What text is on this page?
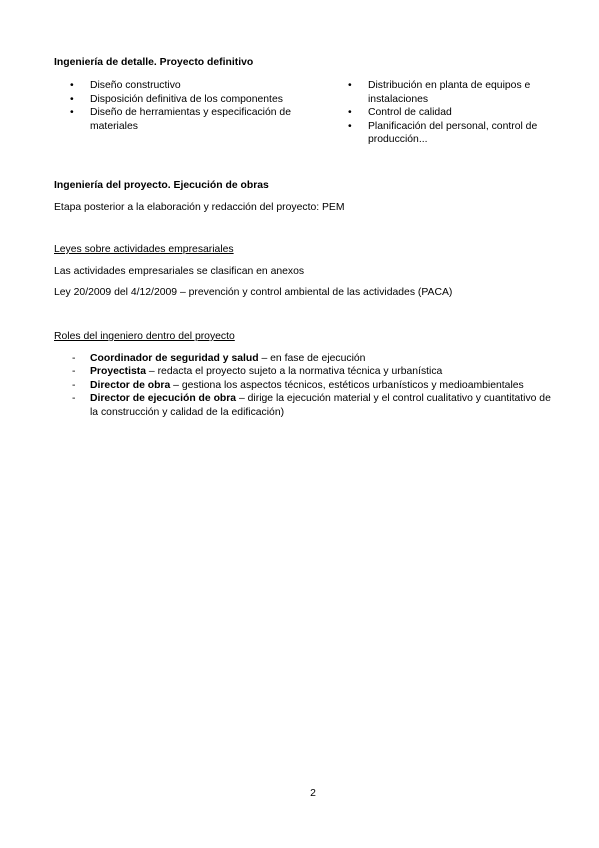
Ingeniería de detalle. Proyecto definitivo

• Diseño constructivo
• Disposición definitiva de los componentes
• Diseño de herramientas y especificación de materiales
• Distribución en planta de equipos e instalaciones
• Control de calidad
• Planificación del personal, control de producción...

Ingeniería del proyecto. Ejecución de obras

Etapa posterior a la elaboración y redacción del proyecto: PEM

Leyes sobre actividades empresariales

Las actividades empresariales se clasifican en anexos

Ley 20/2009 del 4/12/2009 – prevención y control ambiental de las actividades (PACA)

Roles del ingeniero dentro del proyecto

- Coordinador de seguridad y salud – en fase de ejecución
- Proyectista – redacta el proyecto sujeto a la normativa técnica y urbanística
- Director de obra – gestiona los aspectos técnicos, estéticos urbanísticos y medioambientales
- Director de ejecución de obra – dirige la ejecución material y el control cualitativo y cuantitativo de la construcción y calidad de la edificación)
2
